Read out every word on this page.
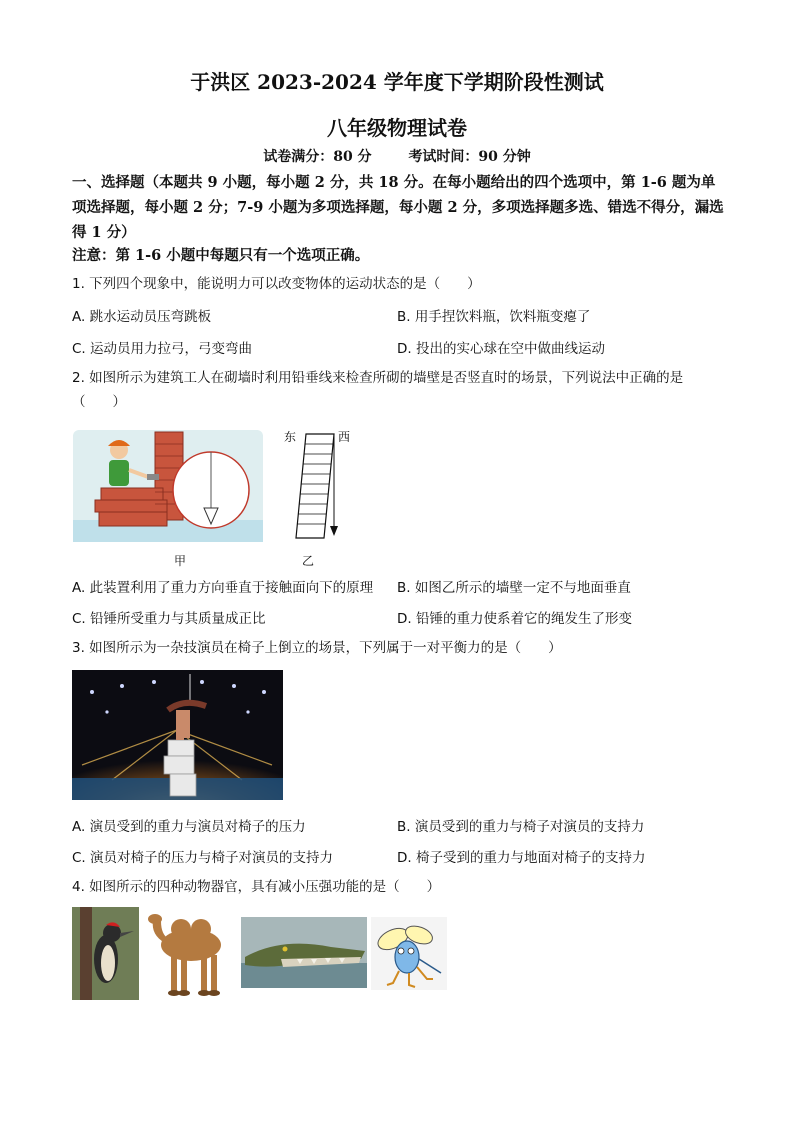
于洪区 2023-2024 学年度下学期阶段性测试
八年级物理试卷
试卷满分：80 分	考试时间：90 分钟
一、选择题（本题共 9 小题，每小题 2 分，共 18 分。在每小题给出的四个选项中，第 1-6 题为单项选择题，每小题 2 分；7-9 小题为多项选择题，每小题 2 分，多项选择题多选、错选不得分，漏选得 1 分）
注意：第 1-6 小题中每题只有一个选项正确。
1. 下列四个现象中，能说明力可以改变物体的运动状态的是（　　）
A. 跳水运动员压弯跳板	B. 用手捏饮料瓶，饮料瓶变瘪了
C. 运动员用力拉弓，弓变弯曲	D. 投出的实心球在空中做曲线运动
2. 如图所示为建筑工人在砌墙时利用铅垂线来检查所砌的墙壁是否竖直时的场景，下列说法中正确的是（　　）
东	西
甲	乙
A. 此装置利用了重力方向垂直于接触面向下的原理 B. 如图乙所示的墙壁一定不与地面垂直
C. 铅锤所受重力与其质量成正比	D. 铅锤的重力使系着它的绳发生了形变
3. 如图所示为一杂技演员在椅子上倒立的场景，下列属于一对平衡力的是（　　）
A. 演员受到的重力与演员对椅子的压力	B. 演员受到的重力与椅子对演员的支持力
C. 演员对椅子的压力与椅子对演员的支持力	D. 椅子受到的重力与地面对椅子的支持力
4. 如图所示的四种动物器官，具有减小压强功能的是（　　）
